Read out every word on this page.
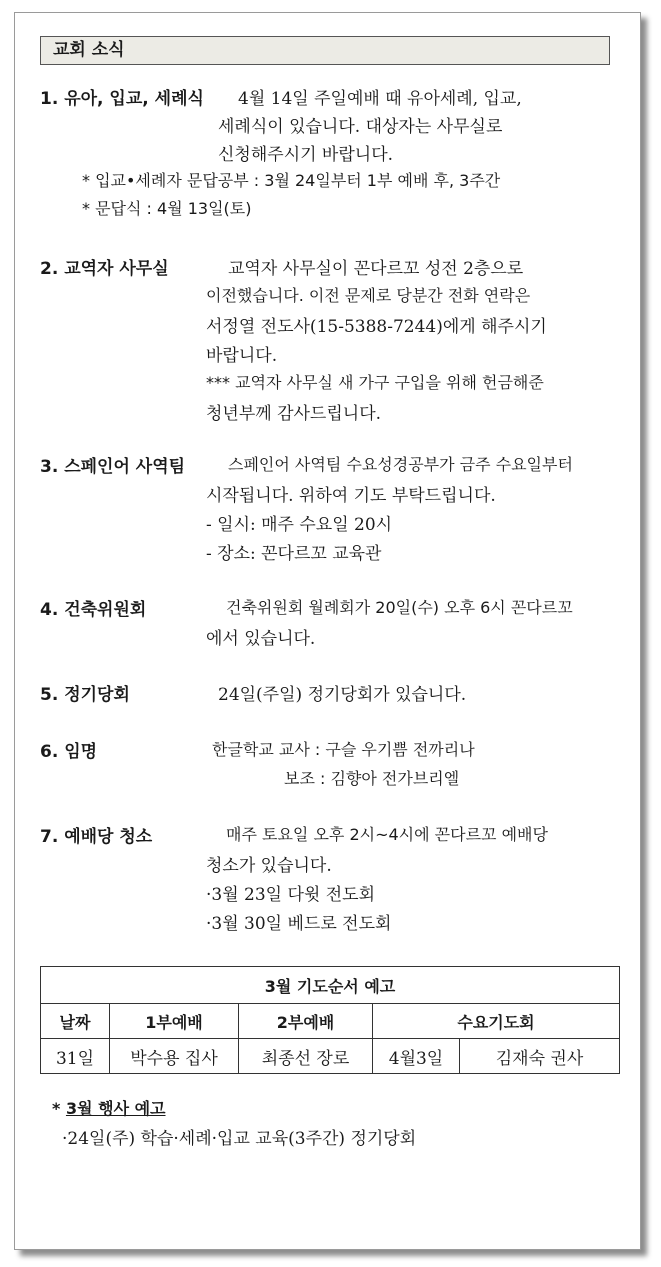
교회 소식
1. 유아, 입교, 세례식 4월 14일 주일예배 때 유아세례, 입교,
세례식이 있습니다. 대상자는 사무실로
신청해주시기 바랍니다.
* 입교•세례자 문답공부 : 3월 24일부터 1부 예배 후, 3주간
* 문답식 : 4월 13일(토)
2. 교역자 사무실	교역자 사무실이 꼰다르꼬 성전 2층으로
이전했습니다. 이전 문제로 당분간 전화 연락은
서정열 전도사(15-5388-7244)에게 해주시기
바랍니다.
*** 교역자 사무실 새 가구 구입을 위해 헌금해준
청년부께 감사드립니다.
3. 스페인어 사역팀	스페인어 사역팀 수요성경공부가 금주 수요일부터
시작됩니다. 위하여 기도 부탁드립니다.
- 일시: 매주 수요일 20시
- 장소: 꼰다르꼬 교육관
4. 건축위원회	건축위원회 월례회가 20일(수) 오후 6시 꼰다르꼬
에서 있습니다.
5. 정기당회	24일(주일) 정기당회가 있습니다.
6. 임명	한글학교 교사 : 구슬 우기쁨 전까리나
보조 : 김향아 전가브리엘
7. 예배당 청소	매주 토요일 오후 2시~4시에 꼰다르꼬 예배당
청소가 있습니다.
·3월 23일 다윗 전도회
·3월 30일 베드로 전도회
3월 기도순서 예고				
날짜	1부예배	2부예배	수요기도회	
31일	박수용 집사	최종선 장로	4월3일	김재숙 권사
* 3월 행사 예고
·24일(주) 학습·세례·입교 교육(3주간) 정기당회
